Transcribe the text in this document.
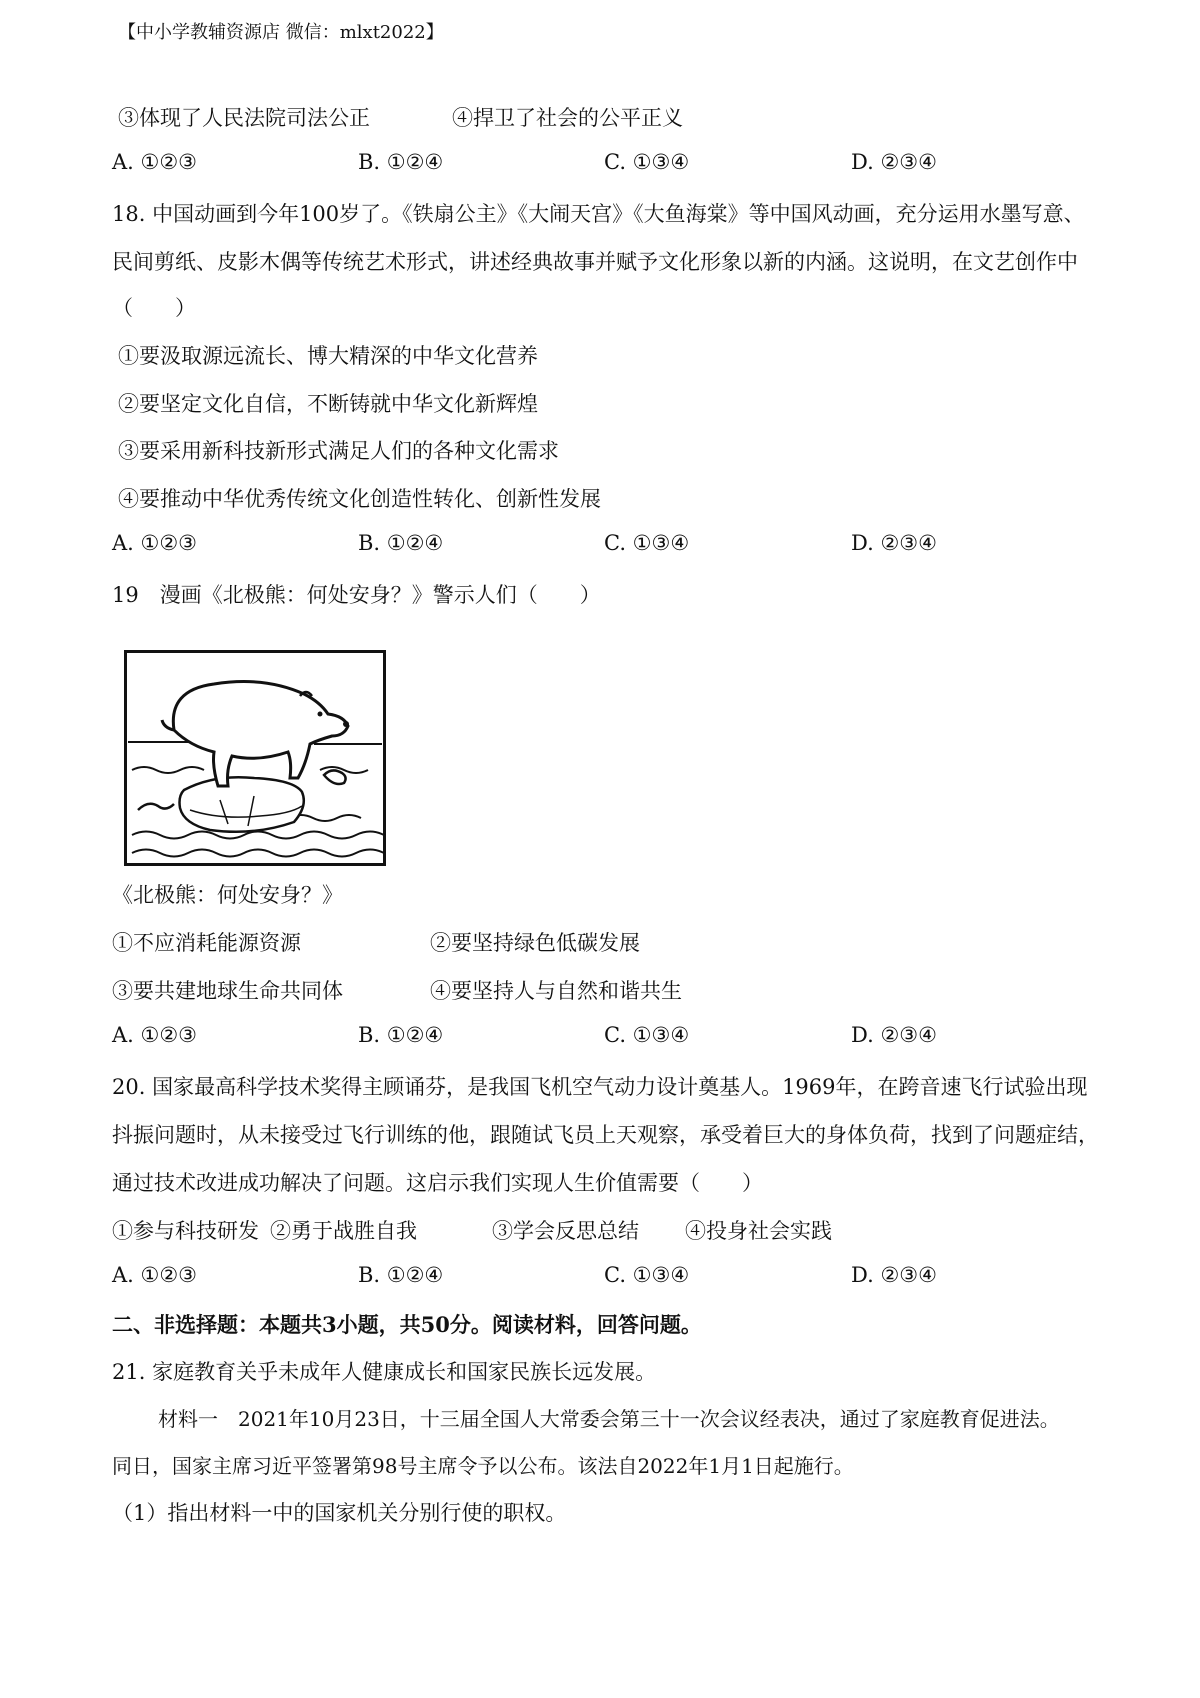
【中小学教辅资源店 微信：mlxt2022】
③体现了人民法院司法公正	④捍卫了社会的公平正义
A. ①②③	B. ①②④	C. ①③④	D. ②③④
18. 中国动画到今年100岁了。《铁扇公主》《大闹天宫》《大鱼海棠》等中国风动画，充分运用水墨写意、
民间剪纸、皮影木偶等传统艺术形式，讲述经典故事并赋予文化形象以新的内涵。这说明，在文艺创作中
（　　）
①要汲取源远流长、博大精深的中华文化营养
②要坚定文化自信，不断铸就中华文化新辉煌
③要采用新科技新形式满足人们的各种文化需求
④要推动中华优秀传统文化创造性转化、创新性发展
A. ①②③	B. ①②④	C. ①③④	D. ②③④
19　漫画《北极熊：何处安身？》警示人们（　　）
《北极熊：何处安身？》
①不应消耗能源资源	②要坚持绿色低碳发展
③要共建地球生命共同体	④要坚持人与自然和谐共生
A. ①②③	B. ①②④	C. ①③④	D. ②③④
20. 国家最高科学技术奖得主顾诵芬，是我国飞机空气动力设计奠基人。1969年，在跨音速飞行试验出现
抖振问题时，从未接受过飞行训练的他，跟随试飞员上天观察，承受着巨大的身体负荷，找到了问题症结，
通过技术改进成功解决了问题。这启示我们实现人生价值需要（　　）
①参与科技研发 ②勇于战胜自我	③学会反思总结 ④投身社会实践
A. ①②③	B. ①②④	C. ①③④	D. ②③④
二、非选择题：本题共3小题，共50分。阅读材料，回答问题。
21. 家庭教育关乎未成年人健康成长和国家民族长远发展。
材料一　2021年10月23日，十三届全国人大常委会第三十一次会议经表决，通过了家庭教育促进法。
同日，国家主席习近平签署第98号主席令予以公布。该法自2022年1月1日起施行。
（1）指出材料一中的国家机关分别行使的职权。
